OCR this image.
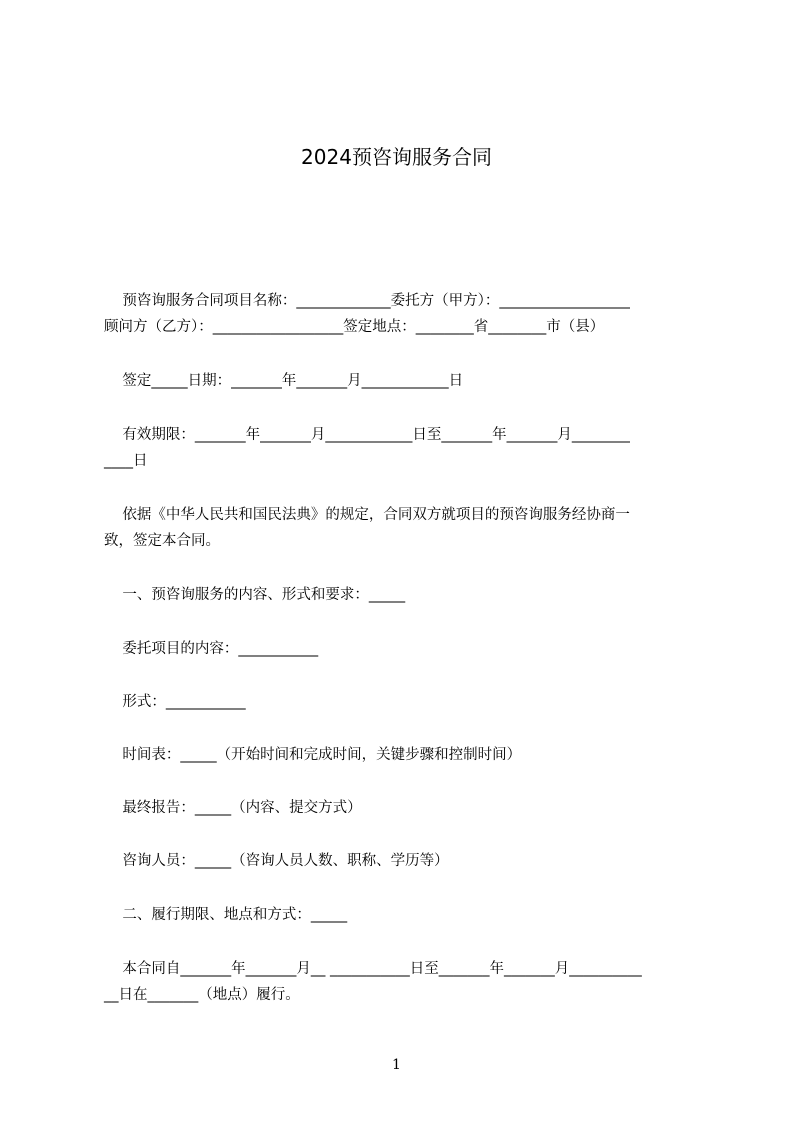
2024预咨询服务合同
预咨询服务合同项目名称：_____________委托方（甲方）：__________________
顾问方（乙方）：__________________签定地点：________省________市（县）
签定_____日期：_______年_______月____________日
有效期限：_______年_______月____________日至_______年_______月________
____日
依据《中华人民共和国民法典》的规定，合同双方就项目的预咨询服务经协商一
致，签定本合同。
一、预咨询服务的内容、形式和要求：_____
委托项目的内容：___________
形式：___________
时间表：_____（开始时间和完成时间，关键步骤和控制时间）
最终报告：_____（内容、提交方式）
咨询人员：_____（咨询人员人数、职称、学历等）
二、履行期限、地点和方式：_____
本合同自_______年_______月__ ___________日至_______年_______月__________
__日在_______（地点）履行。
1
